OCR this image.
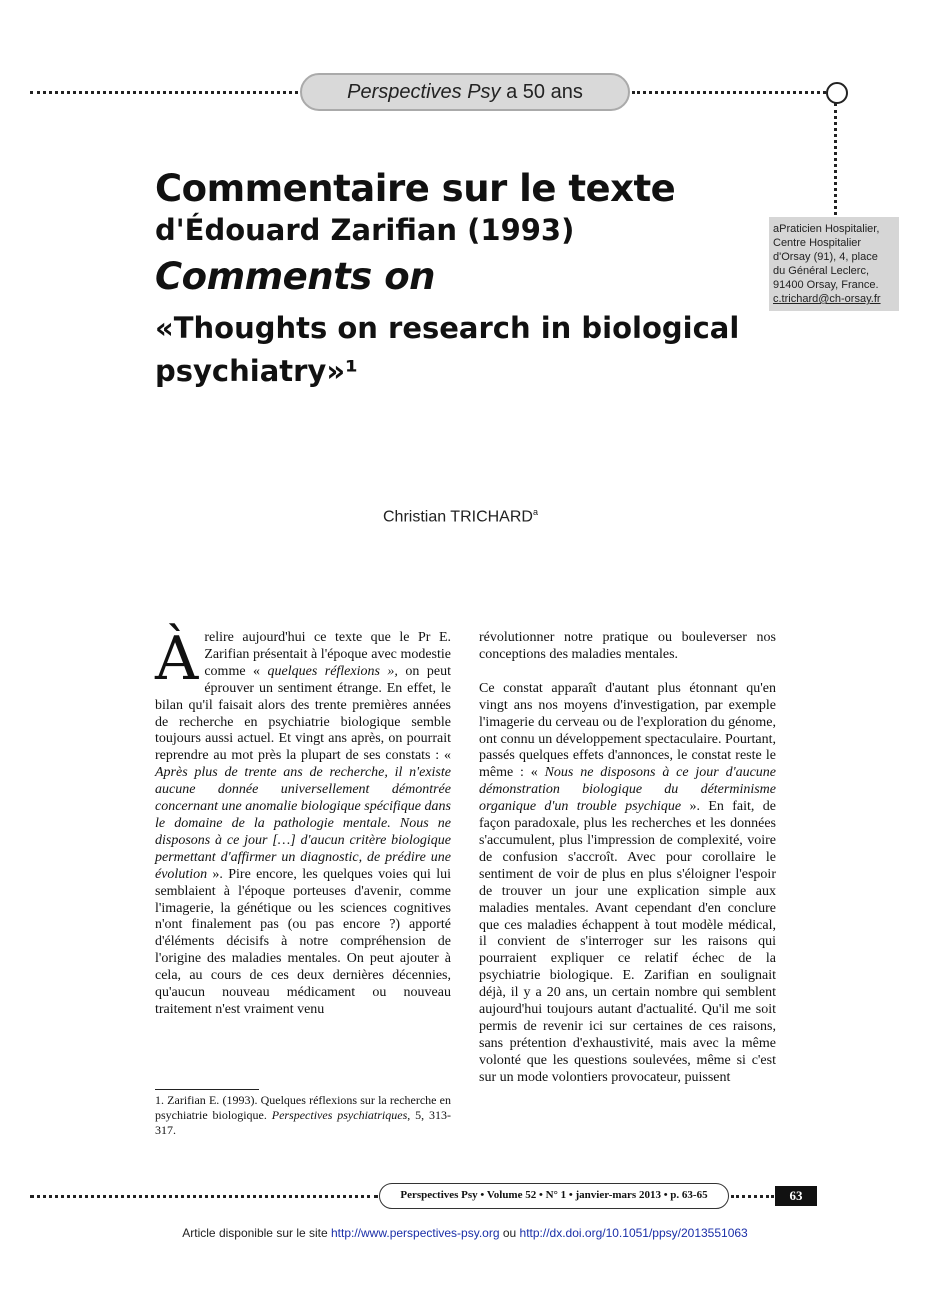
Perspectives Psy a 50 ans
aPraticien Hospitalier,
Centre Hospitalier
d'Orsay (91), 4, place
du Général Leclerc,
91400 Orsay, France.
c.trichard@ch-orsay.fr
Commentaire sur le texte
d'Édouard Zarifian (1993)
Comments on
«Thoughts on research in biological
psychiatry»¹
Christian TRICHARD$^a$

À relire aujourd'hui ce texte que le Pr E. Zarifian présentait à l'époque avec modestie comme « quelques réflexions », on peut éprouver un sentiment étrange. En effet, le bilan qu'il faisait alors des trente premières années de recherche en psychiatrie biologique semble toujours aussi actuel. Et vingt ans après, on pourrait reprendre au mot près la plupart de ses constats : « Après plus de trente ans de recherche, il n'existe aucune donnée universellement démontrée concernant une anomalie biologique spécifique dans le domaine de la pathologie mentale. Nous ne disposons à ce jour […] d'aucun critère biologique permettant d'affirmer un diagnostic, de prédire une évolution ». Pire encore, les quelques voies qui lui semblaient à l'époque porteuses d'avenir, comme l'imagerie, la génétique ou les sciences cognitives n'ont finalement pas (ou pas encore ?) apporté d'éléments décisifs à notre compréhension de l'origine des maladies mentales. On peut ajouter à cela, au cours de ces deux dernières décennies, qu'aucun nouveau médicament ou nouveau traitement n'est vraiment venu

révolutionner notre pratique ou bouleverser nos conceptions des maladies mentales.

Ce constat apparaît d'autant plus étonnant qu'en vingt ans nos moyens d'investigation, par exemple l'imagerie du cerveau ou de l'exploration du génome, ont connu un développement spectaculaire. Pourtant, passés quelques effets d'annonces, le constat reste le même : « Nous ne disposons à ce jour d'aucune démonstration biologique du déterminisme organique d'un trouble psychique ». En fait, de façon paradoxale, plus les recherches et les données s'accumulent, plus l'impression de complexité, voire de confusion s'accroît. Avec pour corollaire le sentiment de voir de plus en plus s'éloigner l'espoir de trouver un jour une explication simple aux maladies mentales. Avant cependant d'en conclure que ces maladies échappent à tout modèle médical, il convient de s'interroger sur les raisons qui pourraient expliquer ce relatif échec de la psychiatrie biologique. E. Zarifian en soulignait déjà, il y a 20 ans, un certain nombre qui semblent aujourd'hui toujours autant d'actualité. Qu'il me soit permis de revenir ici sur certaines de ces raisons, sans prétention d'exhaustivité, mais avec la même volonté que les questions soulevées, même si c'est sur un mode volontiers provocateur, puissent

1. Zarifian E. (1993). Quelques réflexions sur la recherche en psychiatrie biologique. Perspectives psychiatriques, 5, 313-317.
Perspectives Psy • Volume 52 • N° 1 • janvier-mars 2013 • p. 63-65	63
Article disponible sur le site http://www.perspectives-psy.org ou http://dx.doi.org/10.1051/ppsy/2013551063
